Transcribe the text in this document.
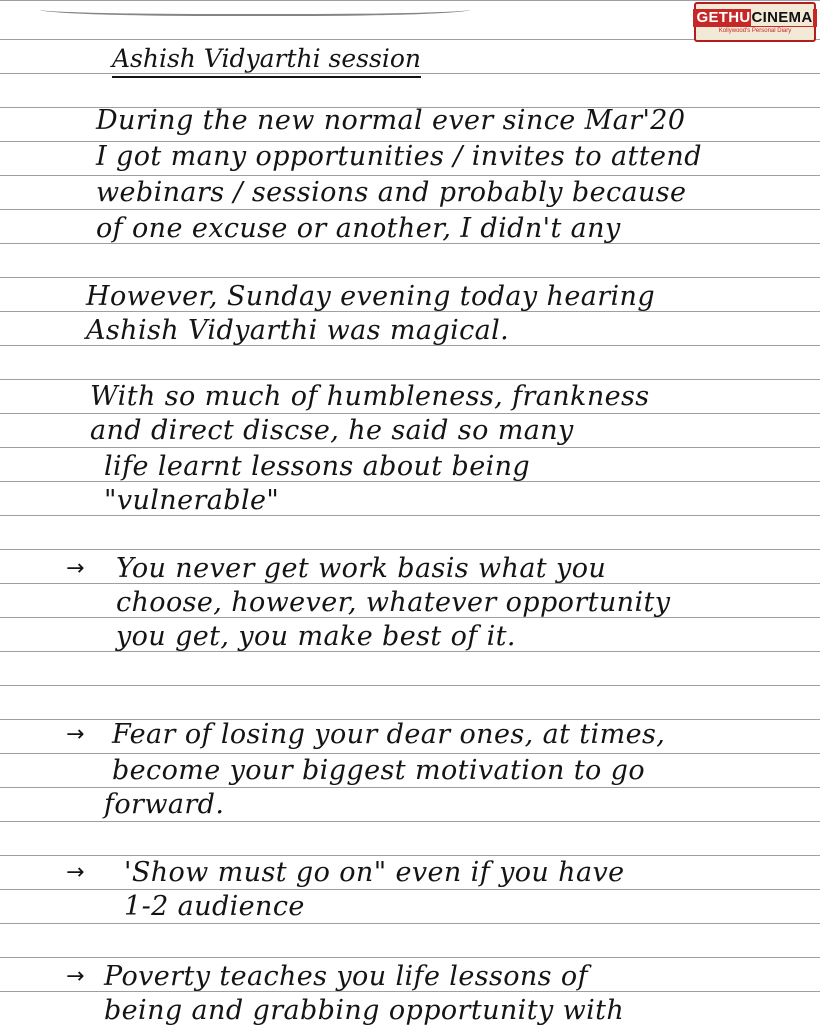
GETHUCINEMA
Kollywood's Personal Diary
Ashish Vidyarthi session
During the new normal ever since Mar'20
I got many opportunities / invites to attend
webinars / sessions and probably because
of one excuse or another, I didn't any
However, Sunday evening today hearing
Ashish Vidyarthi was magical.
With so much of humbleness, frankness
and direct discse, he said so many
life learnt lessons about being
"vulnerable"
→ You never get work basis what you
choose, however, whatever opportunity
you get, you make best of it.
→ Fear of losing your dear ones, at times,
become your biggest motivation to go
forward.
→ 'Show must go on" even if you have
1-2 audience
→ Poverty teaches you life lessons of
being and grabbing opportunity with
